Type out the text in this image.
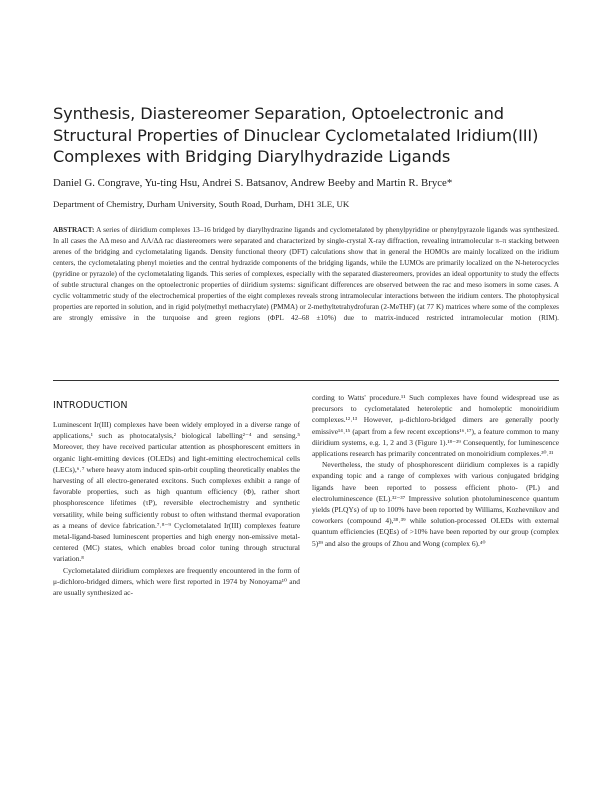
Synthesis, Diastereomer Separation, Optoelectronic and Structural Properties of Dinuclear Cyclometalated Iridium(III) Complexes with Bridging Diarylhydrazide Ligands
Daniel G. Congrave, Yu-ting Hsu, Andrei S. Batsanov, Andrew Beeby and Martin R. Bryce*
Department of Chemistry, Durham University, South Road, Durham, DH1 3LE, UK
ABSTRACT: A series of diiridium complexes 13–16 bridged by diarylhydrazine ligands and cyclometalated by phenylpyridine or phenylpyrazole ligands was synthesized. In all cases the ΛΔ meso and ΛΛ/ΔΔ rac diastereomers were separated and characterized by single-crystal X-ray diffraction, revealing intramolecular π–π stacking between arenes of the bridging and cyclometalating ligands. Density functional theory (DFT) calculations show that in general the HOMOs are mainly localized on the iridium centers, the cyclometalating phenyl moieties and the central hydrazide components of the bridging ligands, while the LUMOs are primarily localized on the N-heterocycles (pyridine or pyrazole) of the cyclometalating ligands. This series of complexes, especially with the separated diastereomers, provides an ideal opportunity to study the effects of subtle structural changes on the optoelectronic properties of diiridium systems: significant differences are observed between the rac and meso isomers in some cases. A cyclic voltammetric study of the electrochemical properties of the eight complexes reveals strong intramolecular interactions between the iridium centers. The photophysical properties are reported in solution, and in rigid poly(methyl methacrylate) (PMMA) or 2-methyltetrahydrofuran (2-MeTHF) (at 77 K) matrices where some of the complexes are strongly emissive in the turquoise and green regions (ΦPL 42–68 ±10%) due to matrix-induced restricted intramolecular motion (RIM).
INTRODUCTION

Luminescent Ir(III) complexes have been widely employed in a diverse range of applications,¹ such as photocatalysis,² biological labelling²⁻⁴ and sensing.⁵ Moreover, they have received particular attention as phosphorescent emitters in organic light-emitting devices (OLEDs) and light-emitting electrochemical cells (LECs),⁶˒⁷ where heavy atom induced spin-orbit coupling theoretically enables the harvesting of all electro-generated excitons. Such complexes exhibit a range of favorable properties, such as high quantum efficiency (Φ), rather short phosphorescence lifetimes (τP), reversible electrochemistry and synthetic versatility, while being sufficiently robust to often withstand thermal evaporation as a means of device fabrication.⁷˒⁸⁻⁹ Cyclometalated Ir(III) complexes feature metal-ligand-based luminescent properties and high energy non-emissive metal-centered (MC) states, which enables broad color tuning through structural variation.⁸

Cyclometalated diiridium complexes are frequently encountered in the form of μ-dichloro-bridged dimers, which were first reported in 1974 by Nonoyama¹⁰ and are usually synthesized ac-

cording to Watts' procedure.¹¹ Such complexes have found widespread use as precursors to cyclometalated heteroleptic and homoleptic monoiridium complexes.¹²˒¹³ However, μ-dichloro-bridged dimers are generally poorly emissive¹⁴˒¹⁵ (apart from a few recent exceptions¹⁶˒¹⁷), a feature common to many diiridium systems, e.g. 1, 2 and 3 (Figure 1).¹⁸⁻²⁹ Consequently, for luminescence applications research has primarily concentrated on monoiridium complexes.³⁰˒³¹

Nevertheless, the study of phosphorescent diiridium complexes is a rapidly expanding topic and a range of complexes with various conjugated bridging ligands have been reported to possess efficient photo- (PL) and electroluminescence (EL).³²⁻³⁷ Impressive solution photoluminescence quantum yields (PLQYs) of up to 100% have been reported by Williams, Kozhevnikov and coworkers (compound 4),³⁸˒³⁹ while solution-processed OLEDs with external quantum efficiencies (EQEs) of >10% have been reported by our group (complex 5)³⁹ and also the groups of Zhou and Wong (complex 6).⁴⁰
